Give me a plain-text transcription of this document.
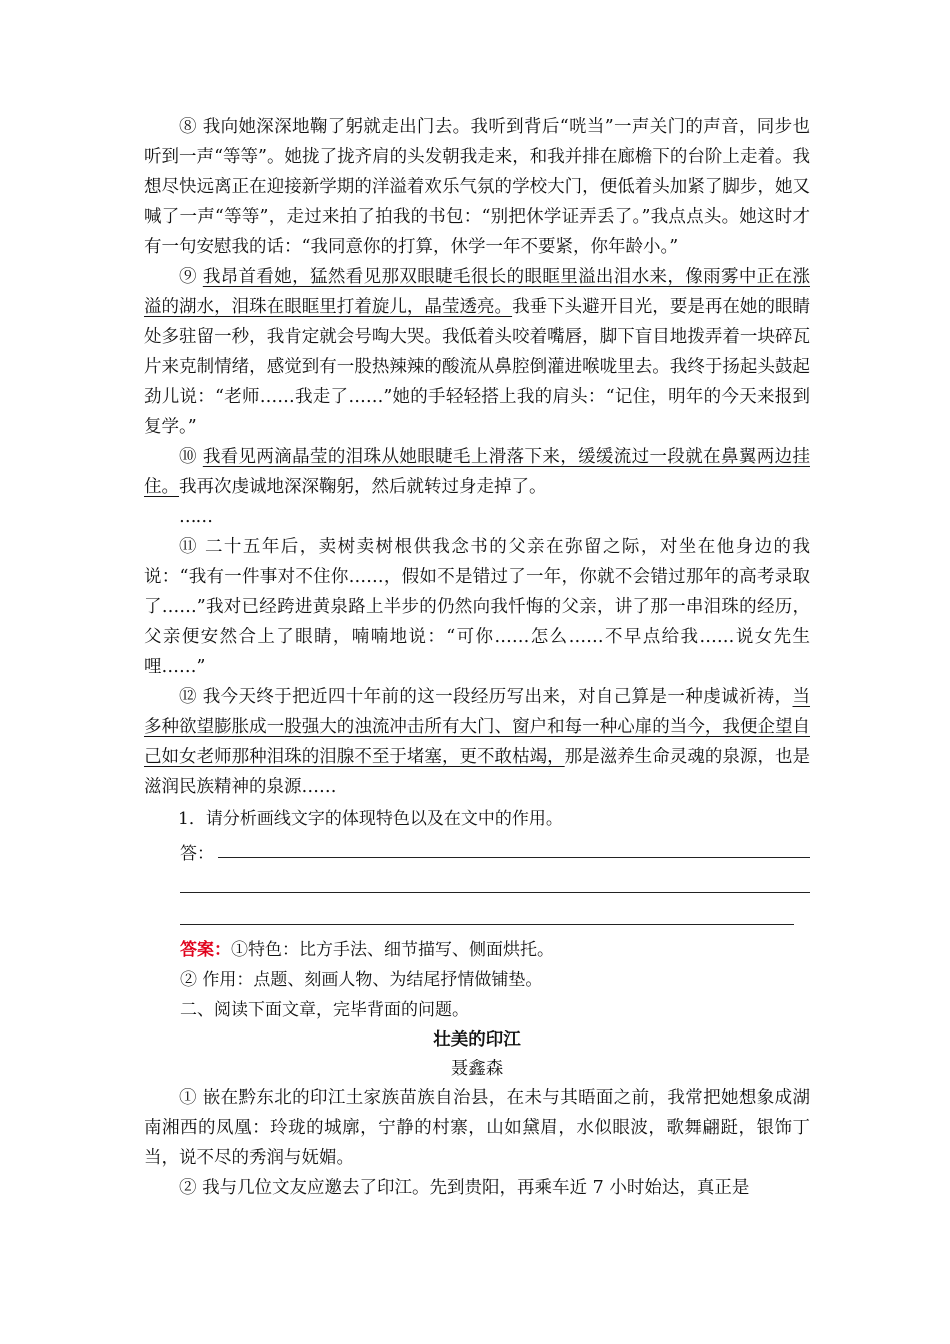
⑧ 我向她深深地鞠了躬就走出门去。我听到背后“咣当”一声关门的声音，同步也听到一声“等等”。她拢了拢齐肩的头发朝我走来，和我并排在廊檐下的台阶上走着。我想尽快远离正在迎接新学期的洋溢着欢乐气氛的学校大门，便低着头加紧了脚步，她又喊了一声“等等”，走过来拍了拍我的书包：“别把休学证弄丢了。”我点点头。她这时才有一句安慰我的话：“我同意你的打算，休学一年不要紧，你年龄小。”

⑨ 我昂首看她，猛然看见那双眼睫毛很长的眼眶里溢出泪水来，像雨雾中正在涨溢的湖水，泪珠在眼眶里打着旋儿，晶莹透亮。我垂下头避开目光，要是再在她的眼睛处多驻留一秒，我肯定就会号啕大哭。我低着头咬着嘴唇，脚下盲目地拨弄着一块碎瓦片来克制情绪，感觉到有一股热辣辣的酸流从鼻腔倒灌进喉咙里去。我终于扬起头鼓起劲儿说：“老师……我走了……”她的手轻轻搭上我的肩头：“记住，明年的今天来报到复学。”

⑩ 我看见两滴晶莹的泪珠从她眼睫毛上滑落下来，缓缓流过一段就在鼻翼两边挂住。我再次虔诚地深深鞠躬，然后就转过身走掉了。

……

⑪ 二十五年后，卖树卖树根供我念书的父亲在弥留之际，对坐在他身边的我说：“我有一件事对不住你……，假如不是错过了一年，你就不会错过那年的高考录取了……”我对已经跨进黄泉路上半步的仍然向我忏悔的父亲，讲了那一串泪珠的经历，父亲便安然合上了眼睛，喃喃地说：“可你……怎么……不早点给我……说女先生哩……”

⑫ 我今天终于把近四十年前的这一段经历写出来，对自己算是一种虔诚祈祷，当多种欲望膨胀成一股强大的浊流冲击所有大门、窗户和每一种心扉的当今，我便企望自己如女老师那种泪珠的泪腺不至于堵塞，更不敢枯竭，那是滋养生命灵魂的泉源，也是滋润民族精神的泉源……

1．请分析画线文字的体现特色以及在文中的作用。

答：

答案：①特色：比方手法、细节描写、侧面烘托。

② 作用：点题、刻画人物、为结尾抒情做铺垫。

二、阅读下面文章，完毕背面的问题。

壮美的印江

聂鑫森

① 嵌在黔东北的印江土家族苗族自治县，在未与其晤面之前，我常把她想象成湖南湘西的凤凰：玲珑的城廓，宁静的村寨，山如黛眉，水似眼波，歌舞翩跹，银饰丁当，说不尽的秀润与妩媚。

② 我与几位文友应邀去了印江。先到贵阳，再乘车近 7 小时始达，真正是
